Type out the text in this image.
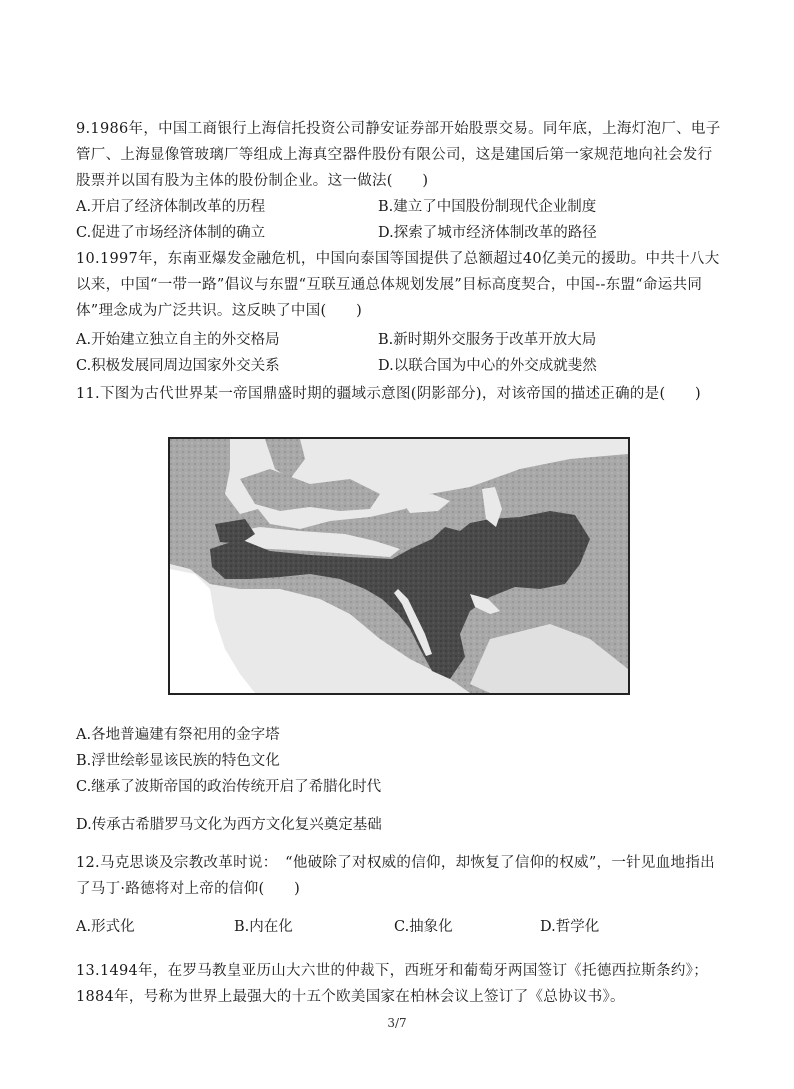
9.1986年，中国工商银行上海信托投资公司静安证券部开始股票交易。同年底，上海灯泡厂、电子管厂、上海显像管玻璃厂等组成上海真空器件股份有限公司，这是建国后第一家规范地向社会发行股票并以国有股为主体的股份制企业。这一做法(　　)
A.开启了经济体制改革的历程	B.建立了中国股份制现代企业制度
C.促进了市场经济体制的确立	D.探索了城市经济体制改革的路径
10.1997年，东南亚爆发金融危机，中国向泰国等国提供了总额超过40亿美元的援助。中共十八大以来，中国“一带一路”倡议与东盟“互联互通总体规划发展”目标高度契合，中国--东盟“命运共同体”理念成为广泛共识。这反映了中国(　　)
A.开始建立独立自主的外交格局	B.新时期外交服务于改革开放大局
C.积极发展同周边国家外交关系	D.以联合国为中心的外交成就斐然
11.下图为古代世界某一帝国鼎盛时期的疆域示意图(阴影部分)，对该帝国的描述正确的是(　　)
A.各地普遍建有祭祀用的金字塔
B.浮世绘彰显该民族的特色文化
C.继承了波斯帝国的政治传统开启了希腊化时代
D.传承古希腊罗马文化为西方文化复兴奠定基础
12.马克思谈及宗教改革时说：　“他破除了对权威的信仰，却恢复了信仰的权威”，一针见血地指出了马丁·路德将对上帝的信仰(　　)
A.形式化	B.内在化	C.抽象化	D.哲学化
13.1494年，在罗马教皇亚历山大六世的仲裁下，西班牙和葡萄牙两国签订《托德西拉斯条约》；1884年，号称为世界上最强大的十五个欧美国家在柏林会议上签订了《总协议书》。
3/7
